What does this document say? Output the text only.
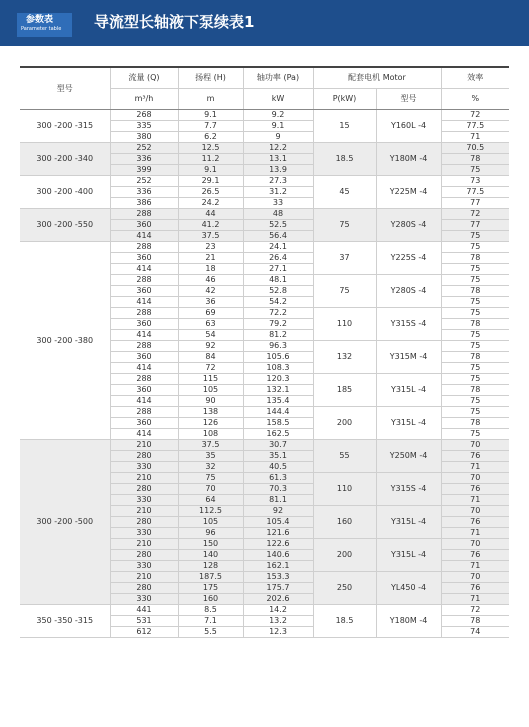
参数表
Parameter table 导流型长轴液下泵续表1
型号	流量 (Q)	扬程 (H)	轴功率 (Pa)	配套电机 Motor		效率
	m³/h	m	kW	P(kW)	型号	%
300 -200 -315	268	9.1	9.2	15	Y160L -4	72
	335	7.7	9.1			77.5
	380	6.2	9			71
300 -200 -340	252	12.5	12.2	18.5	Y180M -4	70.5
	336	11.2	13.1			78
	399	9.1	13.9			75
300 -200 -400	252	29.1	27.3	45	Y225M -4	73
	336	26.5	31.2			77.5
	386	24.2	33			77
300 -200 -550	288	44	48	75	Y280S -4	72
	360	41.2	52.5			77
	414	37.5	56.4			75
300 -200 -380	288	23	24.1	37	Y225S -4	75
	360	21	26.4			78
	414	18	27.1			75
	288	46	48.1	75	Y280S -4	75
	360	42	52.8			78
	414	36	54.2			75
	288	69	72.2	110	Y315S -4	75
	360	63	79.2			78
	414	54	81.2			75
	288	92	96.3	132	Y315M -4	75
	360	84	105.6			78
	414	72	108.3			75
	288	115	120.3	185	Y315L -4	75
	360	105	132.1			78
	414	90	135.4			75
	288	138	144.4	200	Y315L -4	75
	360	126	158.5			78
	414	108	162.5			75
300 -200 -500	210	37.5	30.7	55	Y250M -4	70
	280	35	35.1			76
	330	32	40.5			71
	210	75	61.3	110	Y315S -4	70
	280	70	70.3			76
	330	64	81.1			71
	210	112.5	92	160	Y315L -4	70
	280	105	105.4			76
	330	96	121.6			71
	210	150	122.6	200	Y315L -4	70
	280	140	140.6			76
	330	128	162.1			71
	210	187.5	153.3	250	YL450 -4	70
	280	175	175.7			76
	330	160	202.6			71
350 -350 -315	441	8.5	14.2	18.5	Y180M -4	72
	531	7.1	13.2			78
	612	5.5	12.3			74
